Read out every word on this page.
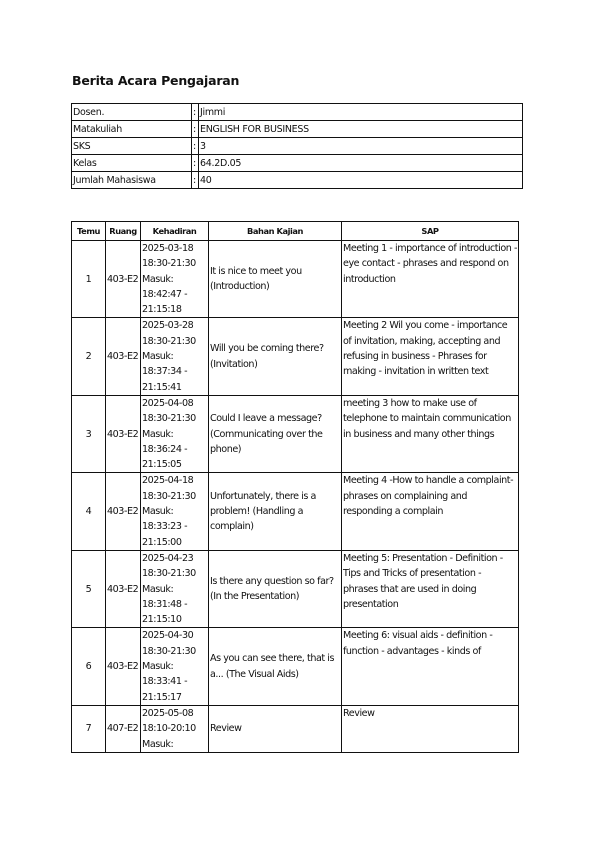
Berita Acara Pengajaran
Dosen.	:	Jimmi
Matakuliah	:	ENGLISH FOR BUSINESS
SKS	:	3
Kelas	:	64.2D.05
Jumlah Mahasiswa	:	40
Temu	Ruang	Kehadiran	Bahan Kajian	SAP
1	403-E2	2025-03-18 18:30-21:30 Masuk: 18:42:47 - 21:15:18	It is nice to meet you (Introduction)	Meeting 1 - importance of introduction - eye contact - phrases and respond on introduction
2	403-E2	2025-03-28 18:30-21:30 Masuk: 18:37:34 - 21:15:41	Will you be coming there? (Invitation)	Meeting 2 Wil you come - importance of invitation, making, accepting and refusing in business - Phrases for making - invitation in written text
3	403-E2	2025-04-08 18:30-21:30 Masuk: 18:36:24 - 21:15:05	Could I leave a message? (Communicating over the phone)	meeting 3 how to make use of telephone to maintain communication in business and many other things
4	403-E2	2025-04-18 18:30-21:30 Masuk: 18:33:23 - 21:15:00	Unfortunately, there is a problem! (Handling a complain)	Meeting 4 -How to handle a complaint- phrases on complaining and responding a complain
5	403-E2	2025-04-23 18:30-21:30 Masuk: 18:31:48 - 21:15:10	Is there any question so far? (In the Presentation)	Meeting 5: Presentation - Definition - Tips and Tricks of presentation - phrases that are used in doing presentation
6	403-E2	2025-04-30 18:30-21:30 Masuk: 18:33:41 - 21:15:17	As you can see there, that is a... (The Visual Aids)	Meeting 6: visual aids - definition - function - advantages - kinds of
7	407-E2	2025-05-08 18:10-20:10 Masuk:	Review	Review
